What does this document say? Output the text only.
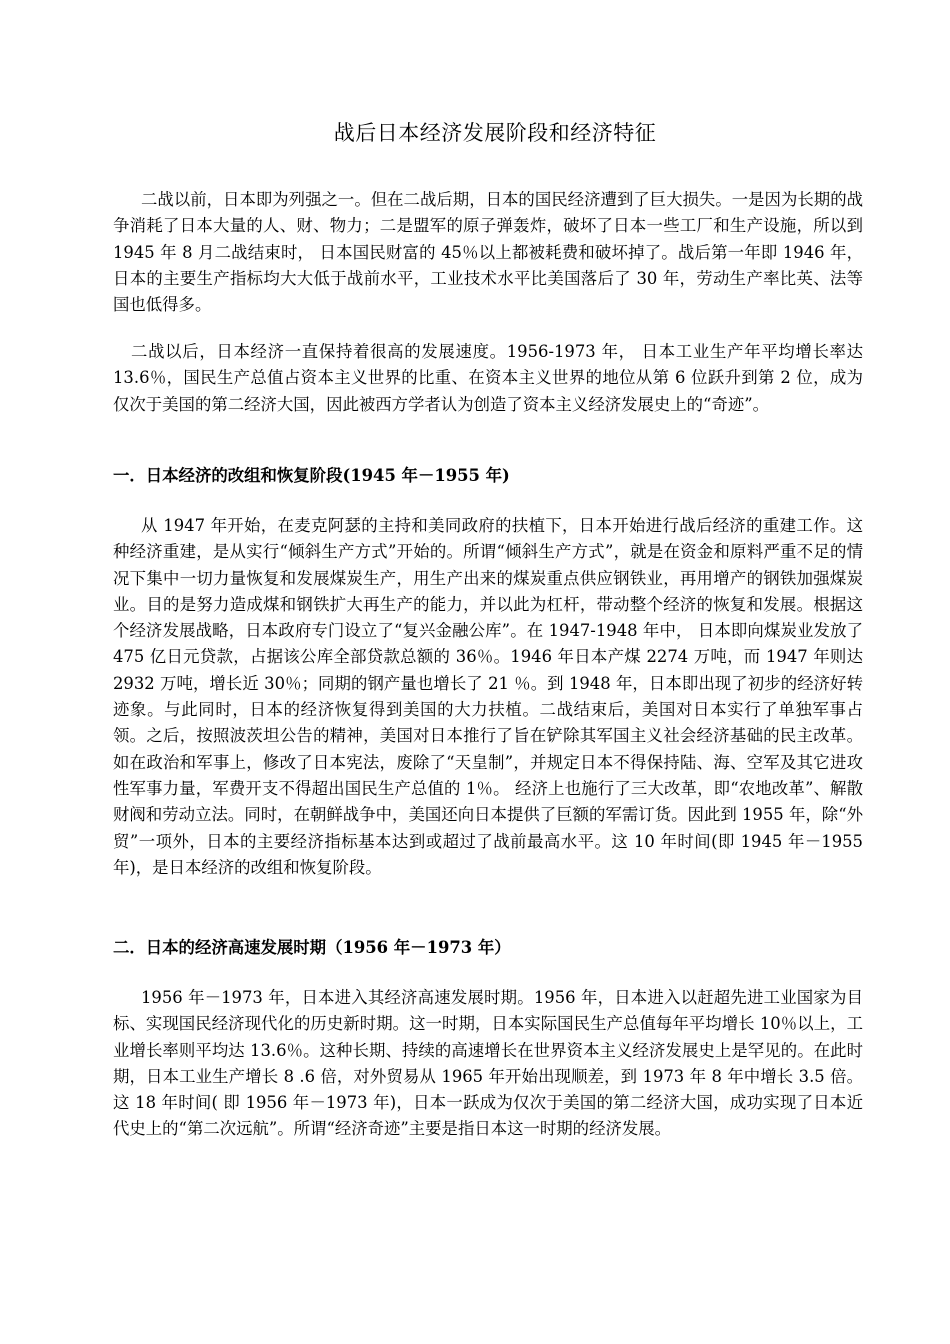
战后日本经济发展阶段和经济特征

二战以前，日本即为列强之一。但在二战后期，日本的国民经济遭到了巨大损失。一是因为长期的战争消耗了日本大量的人、财、物力；二是盟军的原子弹轰炸，破坏了日本一些工厂和生产设施，所以到 1945 年 8 月二战结束时， 日本国民财富的 45％以上都被耗费和破坏掉了。战后第一年即 1946 年，日本的主要生产指标均大大低于战前水平，工业技术水平比美国落后了 30 年，劳动生产率比英、法等国也低得多。

二战以后，日本经济一直保持着很高的发展速度。1956-1973 年， 日本工业生产年平均增长率达 13.6％，国民生产总值占资本主义世界的比重、在资本主义世界的地位从第 6 位跃升到第 2 位，成为仅次于美国的第二经济大国，因此被西方学者认为创造了资本主义经济发展史上的“奇迹”。

一．日本经济的改组和恢复阶段(1945 年－1955 年)

从 1947 年开始，在麦克阿瑟的主持和美同政府的扶植下，日本开始进行战后经济的重建工作。这种经济重建，是从实行“倾斜生产方式”开始的。所谓“倾斜生产方式”，就是在资金和原料严重不足的情况下集中一切力量恢复和发展煤炭生产，用生产出来的煤炭重点供应钢铁业，再用增产的钢铁加强煤炭业。目的是努力造成煤和钢铁扩大再生产的能力，并以此为杠杆，带动整个经济的恢复和发展。根据这个经济发展战略，日本政府专门设立了“复兴金融公库”。在 1947-1948 年中， 日本即向煤炭业发放了 475 亿日元贷款，占据该公库全部贷款总额的 36％。1946 年日本产煤 2274 万吨，而 1947 年则达 2932 万吨，增长近 30％；同期的钢产量也增长了 21 ％。到 1948 年，日本即出现了初步的经济好转迹象。与此同时，日本的经济恢复得到美国的大力扶植。二战结束后，美国对日本实行了单独军事占领。之后，按照波茨坦公告的精神，美国对日本推行了旨在铲除其军国主义社会经济基础的民主改革。如在政治和军事上，修改了日本宪法，废除了“天皇制”，并规定日本不得保持陆、海、空军及其它进攻性军事力量，军费开支不得超出国民生产总值的 1％。 经济上也施行了三大改革，即“农地改革”、解散财阀和劳动立法。同时，在朝鲜战争中，美国还向日本提供了巨额的军需订货。因此到 1955 年，除“外贸”一项外，日本的主要经济指标基本达到或超过了战前最高水平。这 10 年时间(即 1945 年－1955 年)，是日本经济的改组和恢复阶段。

二．日本的经济高速发展时期（1956 年－1973 年）

1956 年－1973 年，日本进入其经济高速发展时期。1956 年，日本进入以赶超先进工业国家为目标、实现国民经济现代化的历史新时期。这一时期，日本实际国民生产总值每年平均增长 10％以上，工业增长率则平均达 13.6％。这种长期、持续的高速增长在世界资本主义经济发展史上是罕见的。在此时期，日本工业生产增长 8 .6 倍，对外贸易从 1965 年开始出现顺差，到 1973 年 8 年中增长 3.5 倍。这 18 年时间( 即 1956 年－1973 年)，日本一跃成为仅次于美国的第二经济大国，成功实现了日本近代史上的“第二次远航”。所谓“经济奇迹”主要是指日本这一时期的经济发展。
